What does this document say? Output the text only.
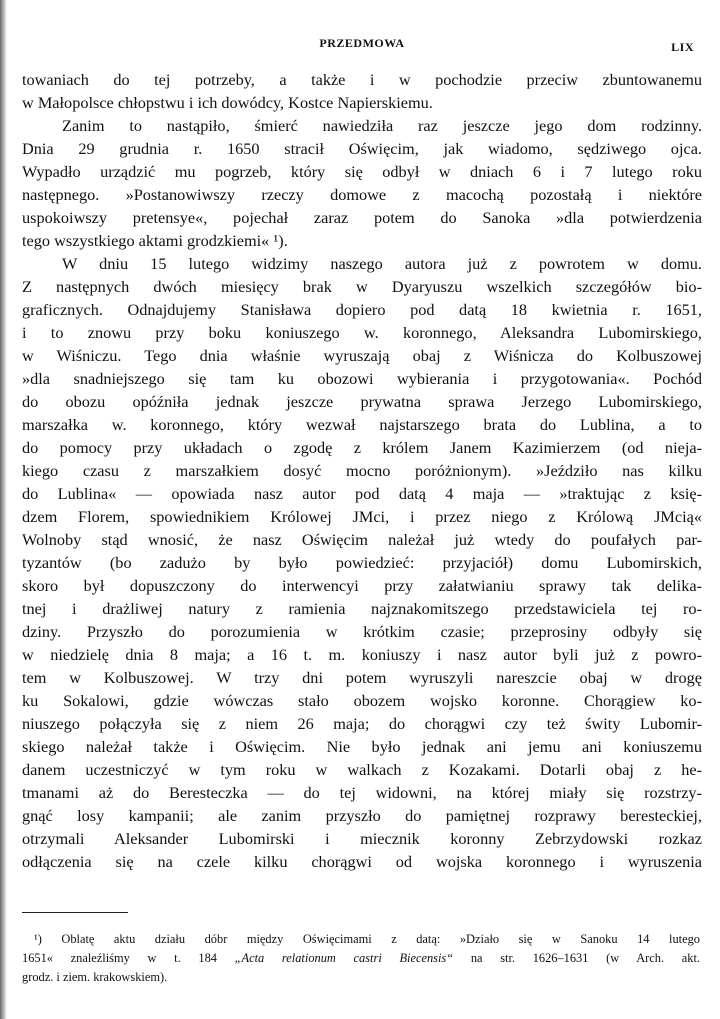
PRZEDMOWA	LIX
towaniach do tej potrzeby, a także i w pochodzie przeciw zbuntowanemu
w Małopolsce chłopstwu i ich dowódcy, Kostce Napierskiemu.
Zanim to nastąpiło, śmierć nawiedziła raz jeszcze jego dom rodzinny.
Dnia 29 grudnia r. 1650 stracił Oświęcim, jak wiadomo, sędziwego ojca.
Wypadło urządzić mu pogrzeb, który się odbył w dniach 6 i 7 lutego roku
następnego. »Postanowiwszy rzeczy domowe z macochą pozostałą i niektóre
uspokoiwszy pretensye«, pojechał zaraz potem do Sanoka »dla potwierdzenia
tego wszystkiego aktami grodzkiemi« ¹).
W dniu 15 lutego widzimy naszego autora już z powrotem w domu.
Z następnych dwóch miesięcy brak w Dyaryuszu wszelkich szczegółów bio-
graficznych. Odnajdujemy Stanisława dopiero pod datą 18 kwietnia r. 1651,
i to znowu przy boku koniuszego w. koronnego, Aleksandra Lubomirskiego,
w Wiśniczu. Tego dnia właśnie wyruszają obaj z Wiśnicza do Kolbuszowej
»dla snadniejszego się tam ku obozowi wybierania i przygotowania«. Pochód
do obozu opóźniła jednak jeszcze prywatna sprawa Jerzego Lubomirskiego,
marszałka w. koronnego, który wezwał najstarszego brata do Lublina, a to
do pomocy przy układach o zgodę z królem Janem Kazimierzem (od nieja-
kiego czasu z marszałkiem dosyć mocno poróżnionym). »Jeździło nas kilku
do Lublina« — opowiada nasz autor pod datą 4 maja — »traktując z księ-
dzem Florem, spowiednikiem Królowej JMci, i przez niego z Królową JMcią«
Wolnoby stąd wnosić, że nasz Oświęcim należał już wtedy do poufałych par-
tyzantów (bo zadużo by było powiedzieć: przyjaciół) domu Lubomirskich,
skoro był dopuszczony do interwencyi przy załatwianiu sprawy tak delika-
tnej i drażliwej natury z ramienia najznakomitszego przedstawiciela tej ro-
dziny. Przyszło do porozumienia w krótkim czasie; przeprosiny odbyły się
w niedzielę dnia 8 maja; a 16 t. m. koniuszy i nasz autor byli już z powro-
tem w Kolbuszowej. W trzy dni potem wyruszyli nareszcie obaj w drogę
ku Sokalowi, gdzie wówczas stało obozem wojsko koronne. Chorągiew ko-
niuszego połączyła się z niem 26 maja; do chorągwi czy też świty Lubomir-
skiego należał także i Oświęcim. Nie było jednak ani jemu ani koniuszemu
danem uczestniczyć w tym roku w walkach z Kozakami. Dotarli obaj z he-
tmanami aż do Beresteczka — do tej widowni, na której miały się rozstrzy-
gnąć losy kampanii; ale zanim przyszło do pamiętnej rozprawy beresteckiej,
otrzymali Aleksander Lubomirski i miecznik koronny Zebrzydowski rozkaz
odłączenia się na czele kilku chorągwi od wojska koronnego i wyruszenia
¹) Oblatę aktu działu dóbr między Oświęcimami z datą: »Działo się w Sanoku 14 lutego
1651« znaleźliśmy w t. 184 „Acta relationum castri Biecensis“ na str. 1626–1631 (w Arch. akt.
grodz. i ziem. krakowskiem).
